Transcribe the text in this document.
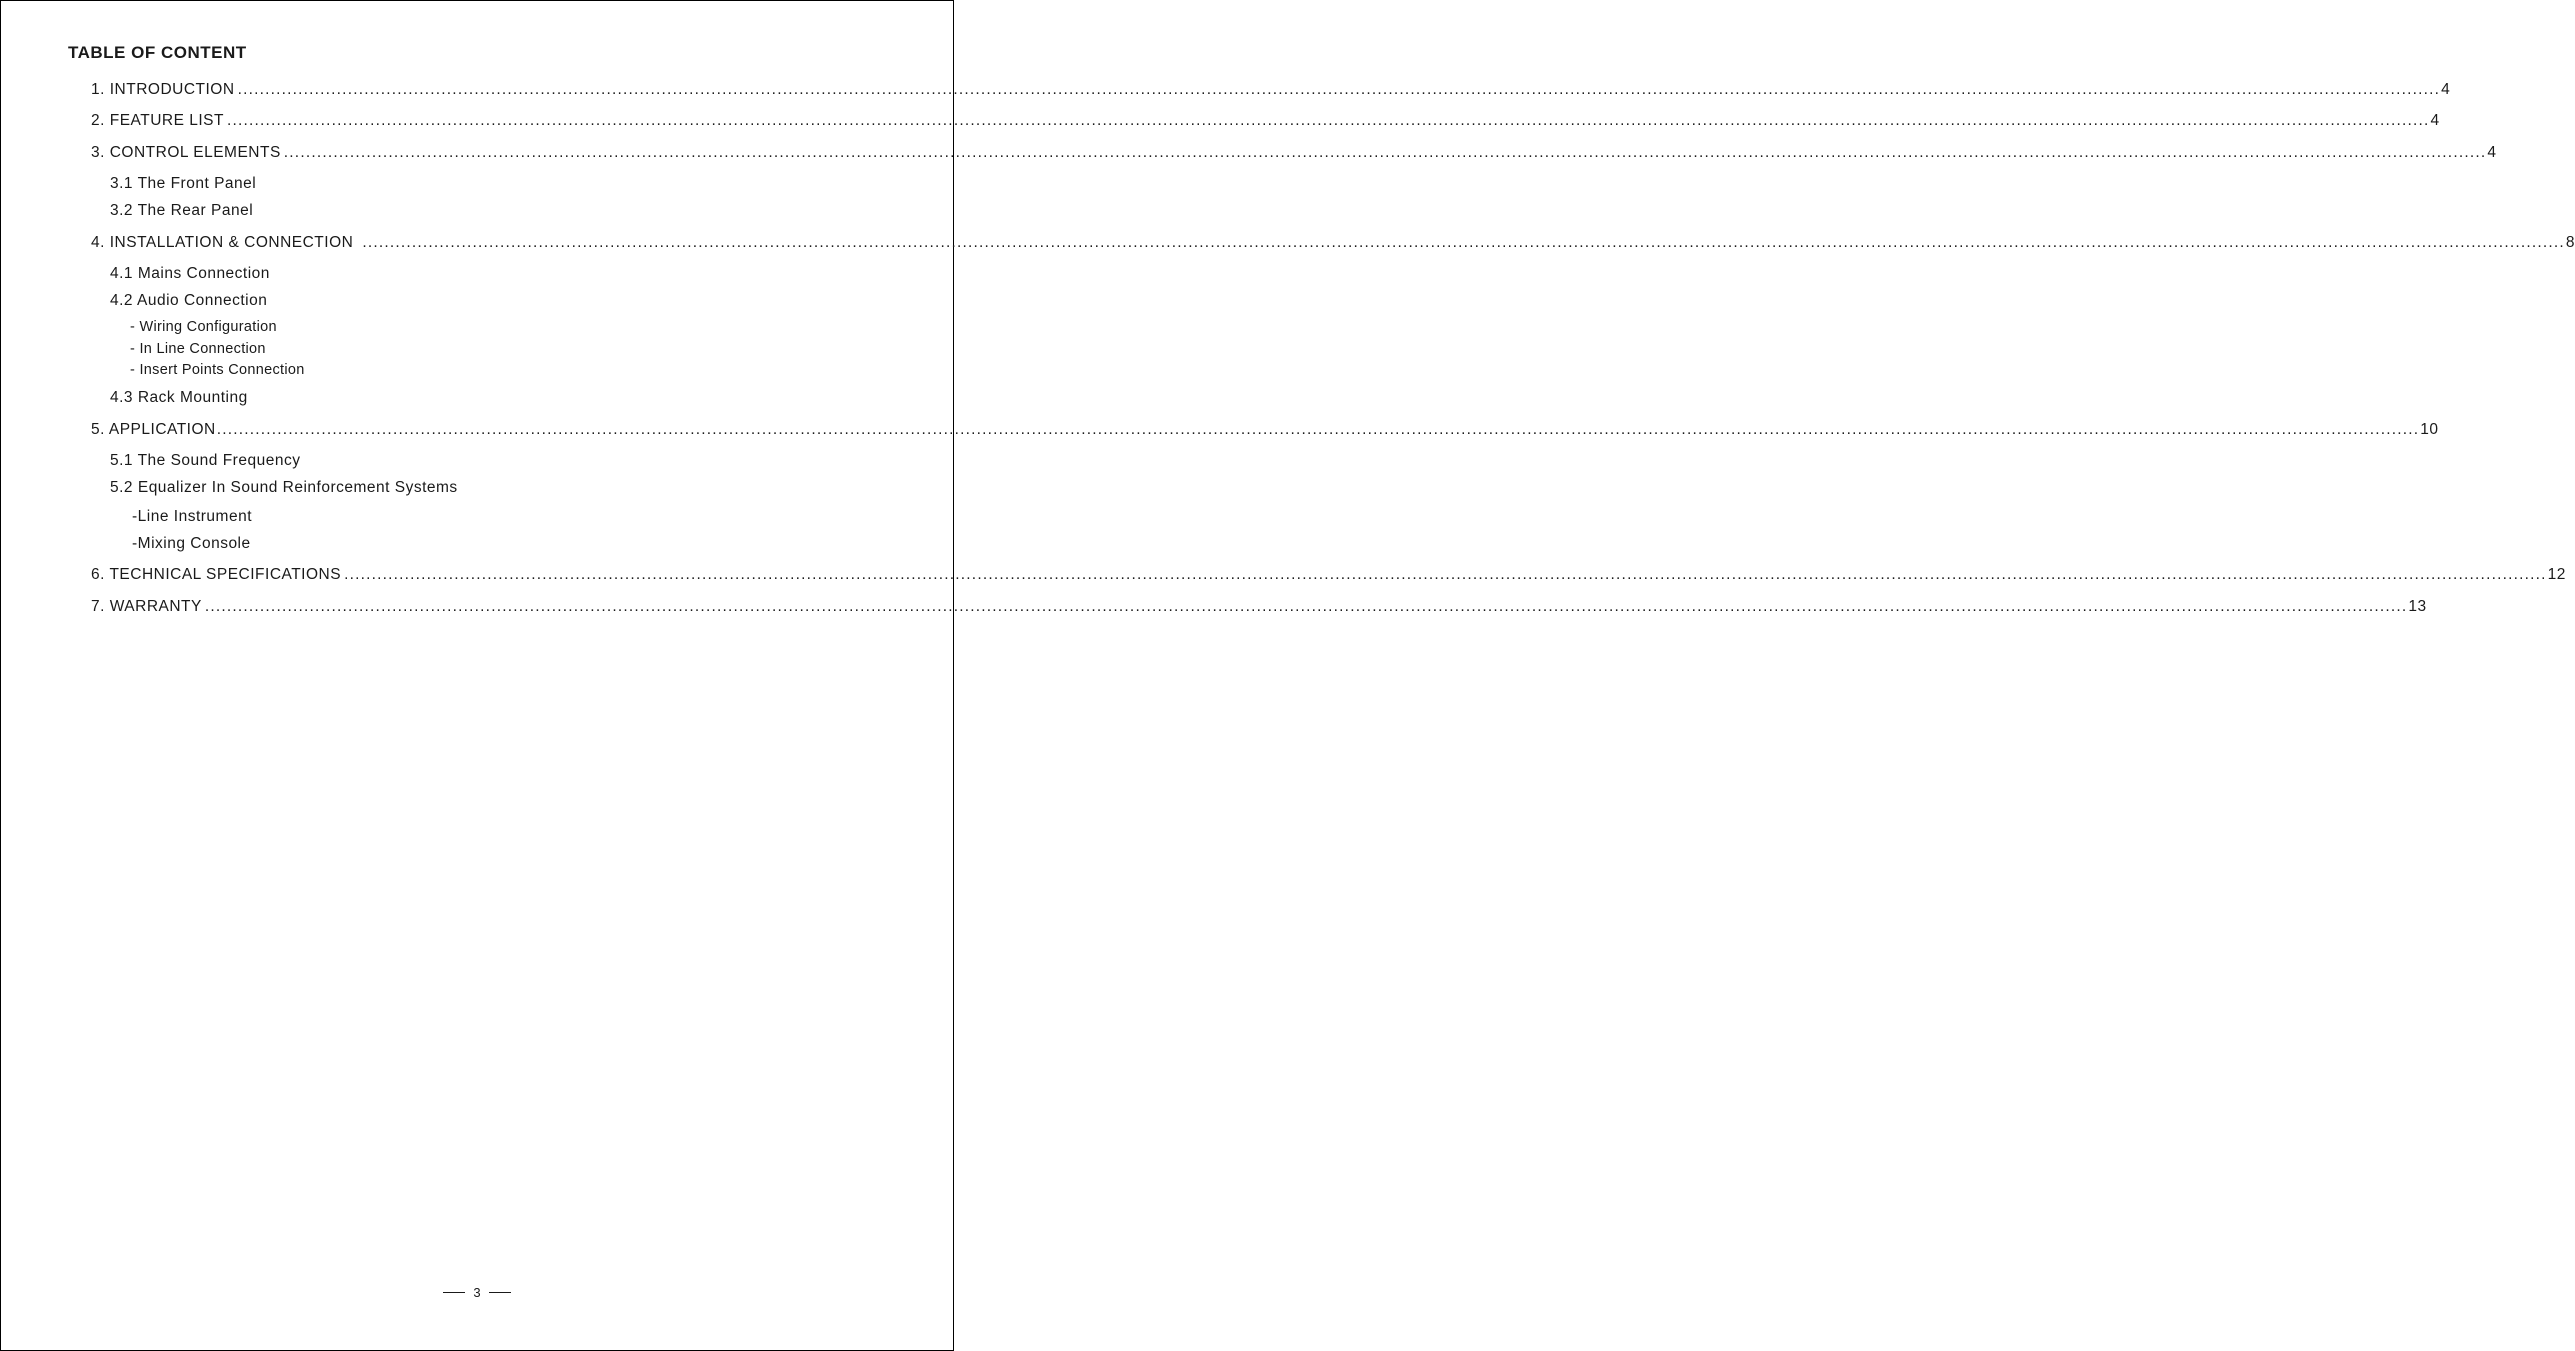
TABLE OF CONTENT
1. INTRODUCTION ................................................................................................................................................................................................................................................................................................................................................................................................................ 4
2. FEATURE LIST ................................................................................................................................................................................................................................................................................................................................................................................................................ 4
3. CONTROL ELEMENTS ................................................................................................................................................................................................................................................................................................................................................................................................................ 4
3.1 The Front Panel
3.2 The Rear Panel
4. INSTALLATION & CONNECTION ................................................................................................................................................................................................................................................................................................................................................................................................................ 8
4.1 Mains Connection
4.2 Audio Connection
- Wiring Configuration
- In Line Connection
- Insert Points Connection
4.3 Rack Mounting
5. APPLICATION ................................................................................................................................................................................................................................................................................................................................................................................................................ 10
5.1 The Sound Frequency
5.2 Equalizer In Sound Reinforcement Systems
-Line Instrument
-Mixing Console
6. TECHNICAL SPECIFICATIONS ................................................................................................................................................................................................................................................................................................................................................................................................................ 12
7. WARRANTY ................................................................................................................................................................................................................................................................................................................................................................................................................ 13
3
